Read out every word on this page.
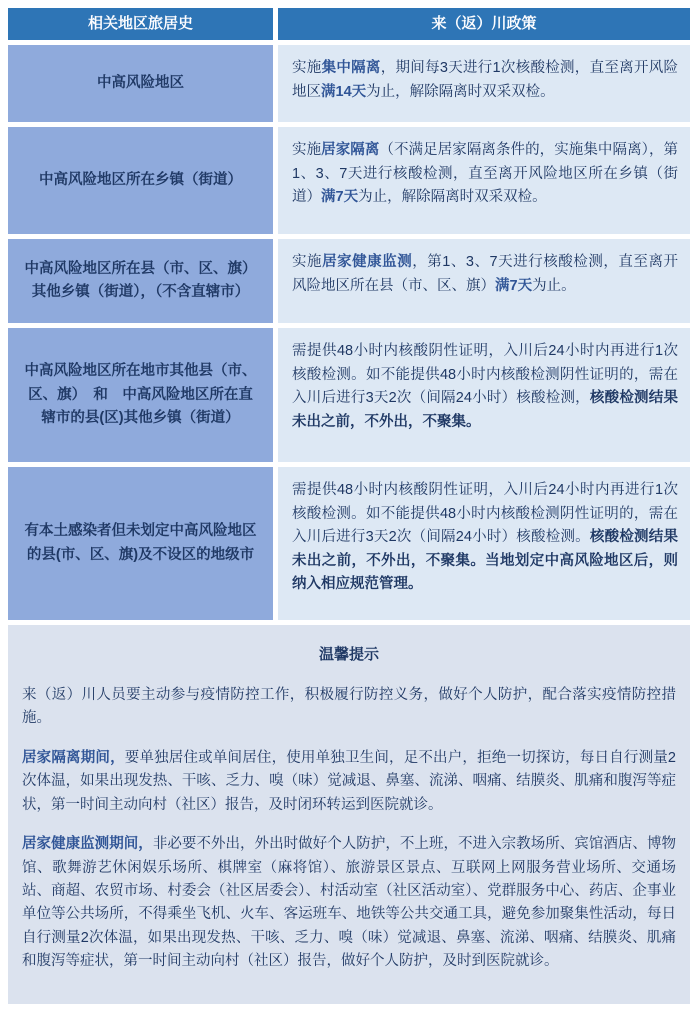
相关地区旅居史	来（返）川政策
中高风险地区
实施集中隔离，期间每3天进行1次核酸检测，直至离开风险地区满14天为止，解除隔离时双采双检。
中高风险地区所在乡镇（街道）
实施居家隔离（不满足居家隔离条件的，实施集中隔离），第1、3、7天进行核酸检测，直至离开风险地区所在乡镇（街道）满7天为止，解除隔离时双采双检。
中高风险地区所在县（市、区、旗）其他乡镇（街道），（不含直辖市）
实施居家健康监测，第1、3、7天进行核酸检测，直至离开风险地区所在县（市、区、旗）满7天为止。
中高风险地区所在地市其他县（市、区、旗）　和　中高风险地区所在直辖市的县(区)其他乡镇（街道）
需提供48小时内核酸阴性证明，入川后24小时内再进行1次核酸检测。如不能提供48小时内核酸检测阴性证明的，需在入川后进行3天2次（间隔24小时）核酸检测，核酸检测结果未出之前，不外出，不聚集。
有本土感染者但未划定中高风险地区的县(市、区、旗)及不设区的地级市
需提供48小时内核酸阴性证明，入川后24小时内再进行1次核酸检测。如不能提供48小时内核酸检测阴性证明的，需在入川后进行3天2次（间隔24小时）核酸检测。核酸检测结果未出之前，不外出，不聚集。当地划定中高风险地区后，则纳入相应规范管理。
温馨提示

来（返）川人员要主动参与疫情防控工作，积极履行防控义务，做好个人防护，配合落实疫情防控措施。

居家隔离期间，要单独居住或单间居住，使用单独卫生间，足不出户，拒绝一切探访，每日自行测量2次体温，如果出现发热、干咳、乏力、嗅（味）觉减退、鼻塞、流涕、咽痛、结膜炎、肌痛和腹泻等症状，第一时间主动向村（社区）报告，及时闭环转运到医院就诊。

居家健康监测期间，非必要不外出，外出时做好个人防护，不上班，不进入宗教场所、宾馆酒店、博物馆、歌舞游艺休闲娱乐场所、棋牌室（麻将馆）、旅游景区景点、互联网上网服务营业场所、交通场站、商超、农贸市场、村委会（社区居委会）、村活动室（社区活动室）、党群服务中心、药店、企事业单位等公共场所，不得乘坐飞机、火车、客运班车、地铁等公共交通工具，避免参加聚集性活动，每日自行测量2次体温，如果出现发热、干咳、乏力、嗅（味）觉减退、鼻塞、流涕、咽痛、结膜炎、肌痛和腹泻等症状，第一时间主动向村（社区）报告，做好个人防护，及时到医院就诊。
